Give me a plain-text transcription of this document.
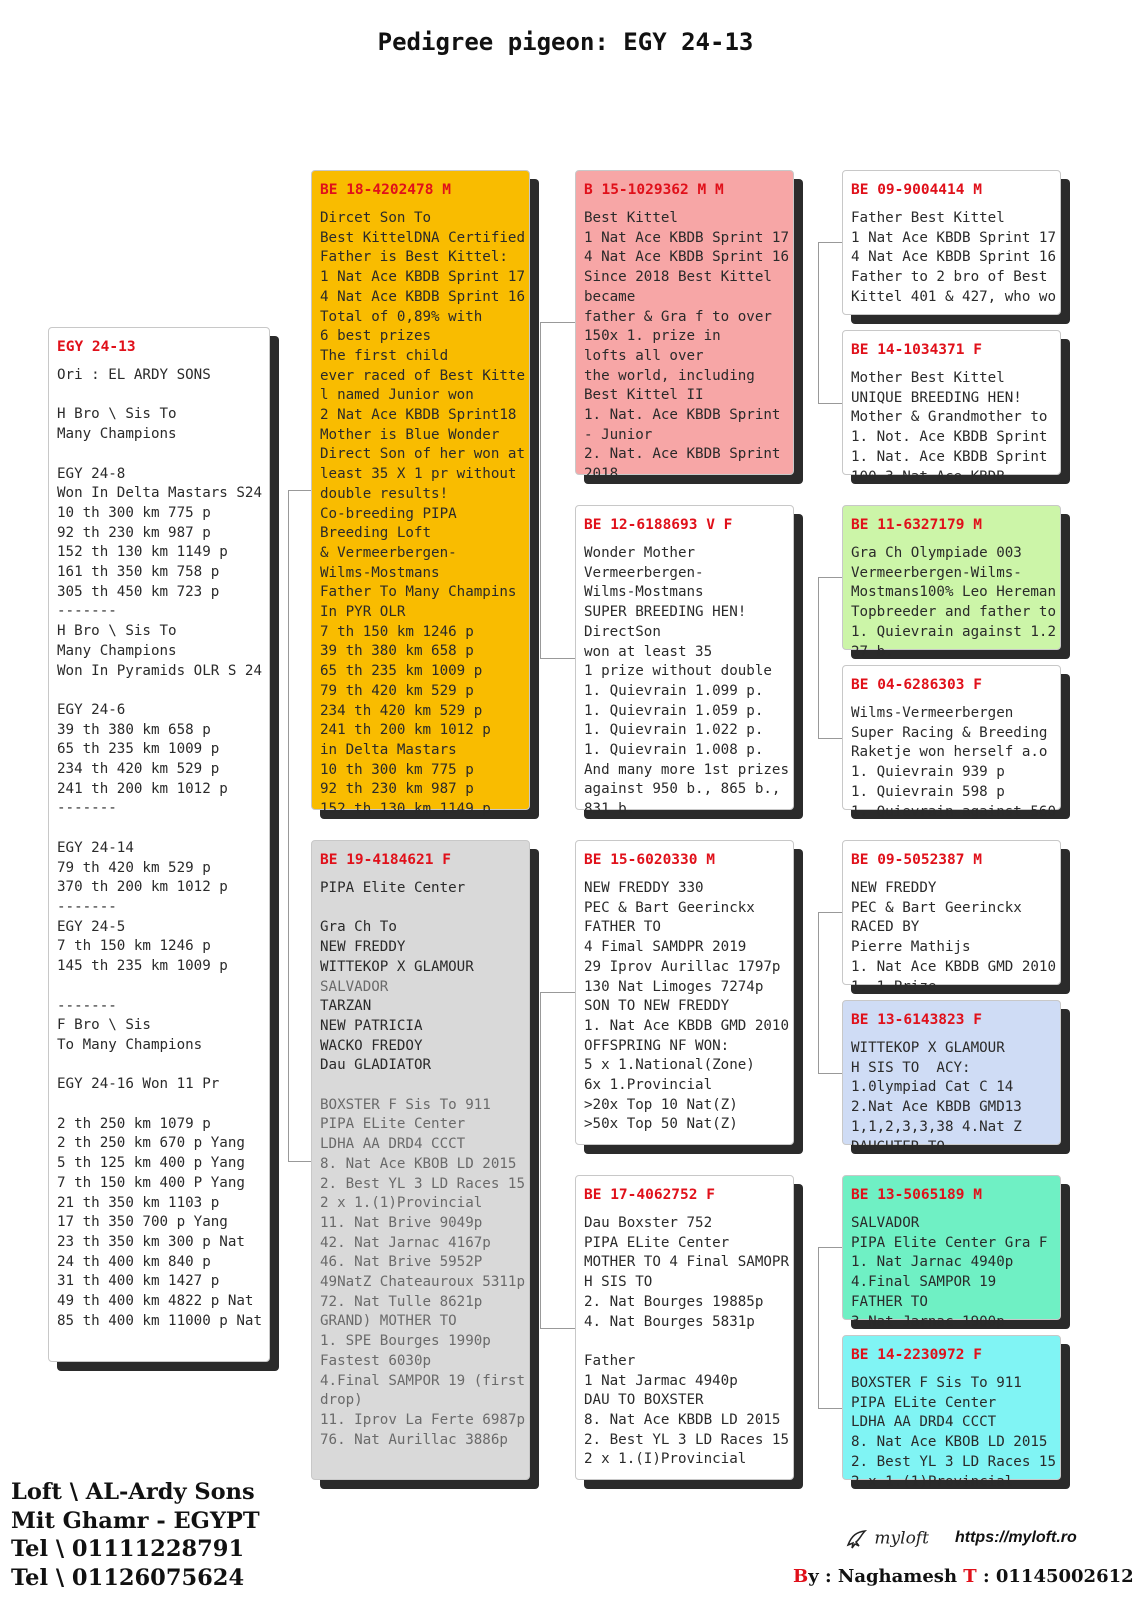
Pedigree pigeon: EGY 24-13
EGY 24-13
Ori : EL ARDY SONS

H Bro \ Sis To
Many Champions

EGY 24-8
Won In Delta Mastars S24
10 th 300 km 775 p
92 th 230 km 987 p
152 th 130 km 1149 p
161 th 350 km 758 p
305 th 450 km 723 p
-------
H Bro \ Sis To
Many Champions
Won In Pyramids OLR S 24

EGY 24-6
39 th 380 km 658 p
65 th 235 km 1009 p
234 th 420 km 529 p
241 th 200 km 1012 p
-------

EGY 24-14
79 th 420 km 529 p
370 th 200 km 1012 p
-------
EGY 24-5
7 th 150 km 1246 p
145 th 235 km 1009 p

-------
F Bro \ Sis
To Many Champions

EGY 24-16 Won 11 Pr

2 th 250 km 1079 p
2 th 250 km 670 p Yang
5 th 125 km 400 p Yang
7 th 150 km 400 P Yang
21 th 350 km 1103 p
17 th 350 700 p Yang
23 th 350 km 300 p Nat
24 th 400 km 840 p
31 th 400 km 1427 p
49 th 400 km 4822 p Nat
85 th 400 km 11000 p Nat
BE 18-4202478 M
Dircet Son To
Best KittelDNA Certified
Father is Best Kittel:
1 Nat Ace KBDB Sprint 17
4 Nat Ace KBDB Sprint 16
Total of 0,89% with
6 best prizes
The first child
ever raced of Best Kitte
l named Junior won
2 Nat Ace KBDB Sprint18
Mother is Blue Wonder
Direct Son of her won at
least 35 X 1 pr without
double results!
Co-breeding PIPA
Breeding Loft
& Vermeerbergen-
Wilms-Mostmans
Father To Many Champins
In PYR OLR
7 th 150 km 1246 p
39 th 380 km 658 p
65 th 235 km 1009 p
79 th 420 km 529 p
234 th 420 km 529 p
241 th 200 km 1012 p
in Delta Mastars
10 th 300 km 775 p
92 th 230 km 987 p
152 th 130 km 1149 p
BE 19-4184621 F
PIPA Elite Center

Gra Ch To
NEW FREDDY
WITTEKOP X GLAMOUR
SALVADOR
TARZAN
NEW PATRICIA
WACKO FREDOY
Dau GLADIATOR

BOXSTER F Sis To 911
PIPA ELite Center
LDHA AA DRD4 CCCT
8. Nat Ace KBOB LD 2015
2. Best YL 3 LD Races 15
2 x 1.(1)Provincial
11. Nat Brive 9049p
42. Nat Jarnac 4167p
46. Nat Brive 5952P
49NatZ Chateauroux 5311p
72. Nat Tulle 8621p
GRAND) MOTHER TO
1. SPE Bourges 1990p
Fastest 6030p
4.Final SAMPOR 19 (first
drop)
11. Iprov La Ferte 6987p
76. Nat Aurillac 3886p
B 15-1029362 M M
Best Kittel
1 Nat Ace KBDB Sprint 17
4 Nat Ace KBDB Sprint 16
Since 2018 Best Kittel
became
father & Gra f to over
150x 1. prize in
lofts all over
the world, including
Best Kittel II
1. Nat. Ace KBDB Sprint
- Junior
2. Nat. Ace KBDB Sprint
2018
BE 12-6188693 V F
Wonder Mother
Vermeerbergen-
Wilms-Mostmans
SUPER BREEDING HEN!
DirectSon
won at least 35
1 prize without double
1. Quievrain 1.099 p.
1. Quievrain 1.059 p.
1. Quievrain 1.022 p.
1. Quievrain 1.008 p.
And many more 1st prizes
against 950 b., 865 b.,
831 b.
BE 15-6020330 M
NEW FREDDY 330
PEC & Bart Geerinckx
FATHER TO
4 Fimal SAMDPR 2019
29 Iprov Aurillac 1797p
130 Nat Limoges 7274p
SON TO NEW FREDDY
1. Nat Ace KBDB GMD 2010
OFFSPRING NF WON:
5 x 1.National(Zone)
6x 1.Provincial
>20x Top 10 Nat(Z)
>50x Top 50 Nat(Z)
BE 17-4062752 F
Dau Boxster 752
PIPA ELite Center
MOTHER TO 4 Final SAMOPR
H SIS TO
2. Nat Bourges 19885p
4. Nat Bourges 5831p

Father
1 Nat Jarmac 4940p
DAU TO BOXSTER
8. Nat Ace KBDB LD 2015
2. Best YL 3 LD Races 15
2 x 1.(I)Provincial
BE 09-9004414 M
Father Best Kittel
1 Nat Ace KBDB Sprint 17
4 Nat Ace KBDB Sprint 16
Father to 2 bro of Best
Kittel 401 & 427, who wo
BE 14-1034371 F
Mother Best Kittel
UNIQUE BREEDING HEN!
Mother & Grandmother to
1. Not. Ace KBDB Sprint
1. Nat. Ace KBDB Sprint
100 3 Nat Ace KBDB
BE 11-6327179 M
Gra Ch Olympiade 003
Vermeerbergen-Wilms-
Mostmans100% Leo Hereman
Topbreeder and father to
1. Quievrain against 1.2
27 b.
BE 04-6286303 F
Wilms-Vermeerbergen
Super Racing & Breeding
Raketje won herself a.o
1. Quievrain 939 p
1. Quievrain 598 p
1. Quievrain against 560
BE 09-5052387 M
NEW FREDDY
PEC & Bart Geerinckx
RACED BY
Pierre Mathijs
1. Nat Ace KBDB GMD 2010
1. 1 Prize
BE 13-6143823 F
WITTEKOP X GLAMOUR
H SIS TO  ACY:
1.0lympiad Cat C 14
2.Nat Ace KBDB GMD13
1,1,2,3,3,38 4.Nat Z
DAUGHTER TO
BE 13-5065189 M
SALVADOR
PIPA Elite Center Gra F
1. Nat Jarnac 4940p
4.Final SAMPOR 19
FATHER TO
3 Nat Jarnac 1900p
BE 14-2230972 F
BOXSTER F Sis To 911
PIPA ELite Center
LDHA AA DRD4 CCCT
8. Nat Ace KBOB LD 2015
2. Best YL 3 LD Races 15
2 x 1.(1)Provincial
Loft \ AL-Ardy Sons
Mit Ghamr - EGYPT
Tel \ 01111228791
Tel \ 01126075624
myloft https://myloft.ro
By : Naghamesh T : 01145002612
